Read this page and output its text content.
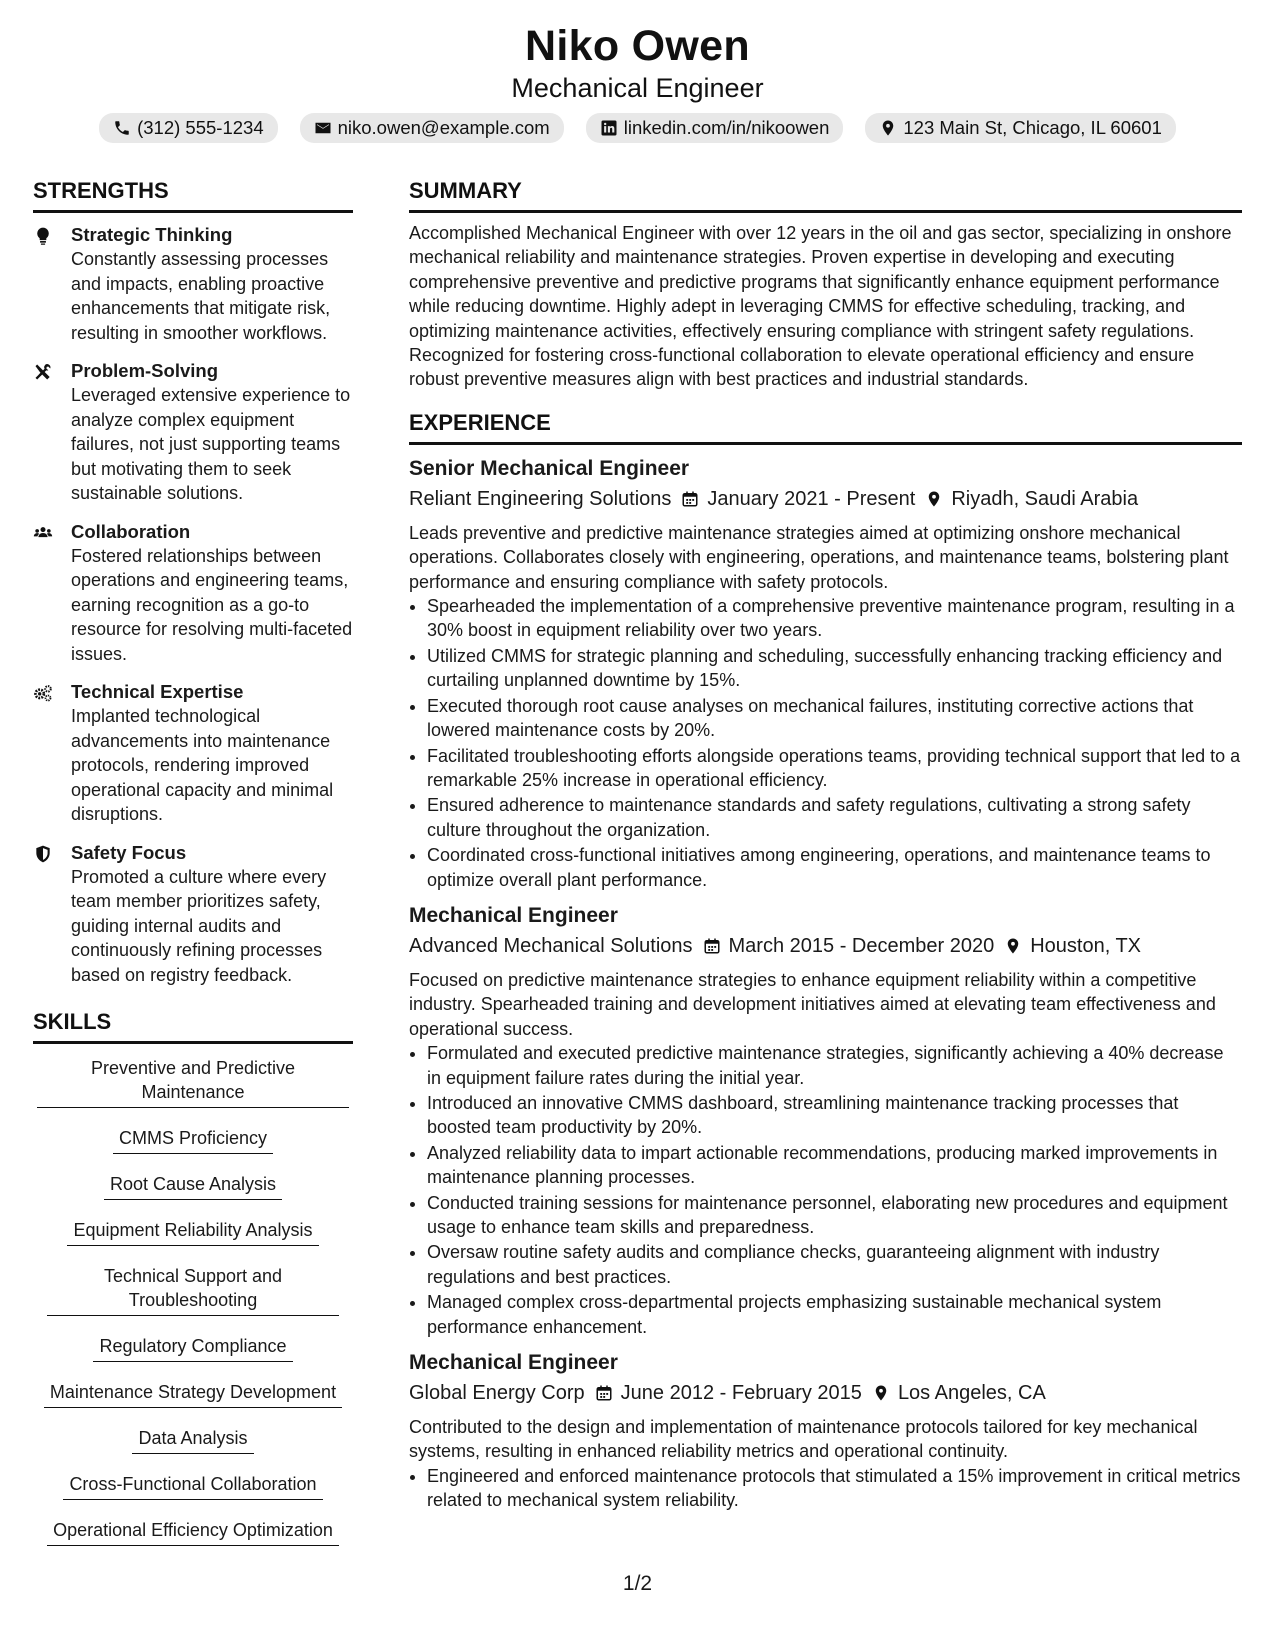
Niko Owen
Mechanical Engineer
(312) 555-1234	niko.owen@example.com	linkedin.com/in/nikoowen	123 Main St, Chicago, IL 60601
STRENGTHS
Strategic Thinking
Constantly assessing processes and impacts, enabling proactive enhancements that mitigate risk, resulting in smoother workflows.
Problem-Solving
Leveraged extensive experience to analyze complex equipment failures, not just supporting teams but motivating them to seek sustainable solutions.
Collaboration
Fostered relationships between operations and engineering teams, earning recognition as a go-to resource for resolving multi-faceted issues.
Technical Expertise
Implanted technological advancements into maintenance protocols, rendering improved operational capacity and minimal disruptions.
Safety Focus
Promoted a culture where every team member prioritizes safety, guiding internal audits and continuously refining processes based on registry feedback.
SKILLS
Preventive and Predictive Maintenance
CMMS Proficiency
Root Cause Analysis
Equipment Reliability Analysis
Technical Support and Troubleshooting
Regulatory Compliance
Maintenance Strategy Development
Data Analysis
Cross-Functional Collaboration
Operational Efficiency Optimization
SUMMARY
Accomplished Mechanical Engineer with over 12 years in the oil and gas sector, specializing in onshore mechanical reliability and maintenance strategies. Proven expertise in developing and executing comprehensive preventive and predictive programs that significantly enhance equipment performance while reducing downtime. Highly adept in leveraging CMMS for effective scheduling, tracking, and optimizing maintenance activities, effectively ensuring compliance with stringent safety regulations. Recognized for fostering cross-functional collaboration to elevate operational efficiency and ensure robust preventive measures align with best practices and industrial standards.
EXPERIENCE
Senior Mechanical Engineer
Reliant Engineering Solutions January 2021 - Present Riyadh, Saudi Arabia
Leads preventive and predictive maintenance strategies aimed at optimizing onshore mechanical operations. Collaborates closely with engineering, operations, and maintenance teams, bolstering plant performance and ensuring compliance with safety protocols.
• Spearheaded the implementation of a comprehensive preventive maintenance program, resulting in a 30% boost in equipment reliability over two years.
• Utilized CMMS for strategic planning and scheduling, successfully enhancing tracking efficiency and curtailing unplanned downtime by 15%.
• Executed thorough root cause analyses on mechanical failures, instituting corrective actions that lowered maintenance costs by 20%.
• Facilitated troubleshooting efforts alongside operations teams, providing technical support that led to a remarkable 25% increase in operational efficiency.
• Ensured adherence to maintenance standards and safety regulations, cultivating a strong safety culture throughout the organization.
• Coordinated cross-functional initiatives among engineering, operations, and maintenance teams to optimize overall plant performance.
Mechanical Engineer
Advanced Mechanical Solutions March 2015 - December 2020 Houston, TX
Focused on predictive maintenance strategies to enhance equipment reliability within a competitive industry. Spearheaded training and development initiatives aimed at elevating team effectiveness and operational success.
• Formulated and executed predictive maintenance strategies, significantly achieving a 40% decrease in equipment failure rates during the initial year.
• Introduced an innovative CMMS dashboard, streamlining maintenance tracking processes that boosted team productivity by 20%.
• Analyzed reliability data to impart actionable recommendations, producing marked improvements in maintenance planning processes.
• Conducted training sessions for maintenance personnel, elaborating new procedures and equipment usage to enhance team skills and preparedness.
• Oversaw routine safety audits and compliance checks, guaranteeing alignment with industry regulations and best practices.
• Managed complex cross-departmental projects emphasizing sustainable mechanical system performance enhancement.
Mechanical Engineer
Global Energy Corp June 2012 - February 2015 Los Angeles, CA
Contributed to the design and implementation of maintenance protocols tailored for key mechanical systems, resulting in enhanced reliability metrics and operational continuity.
• Engineered and enforced maintenance protocols that stimulated a 15% improvement in critical metrics related to mechanical system reliability.
1/2
